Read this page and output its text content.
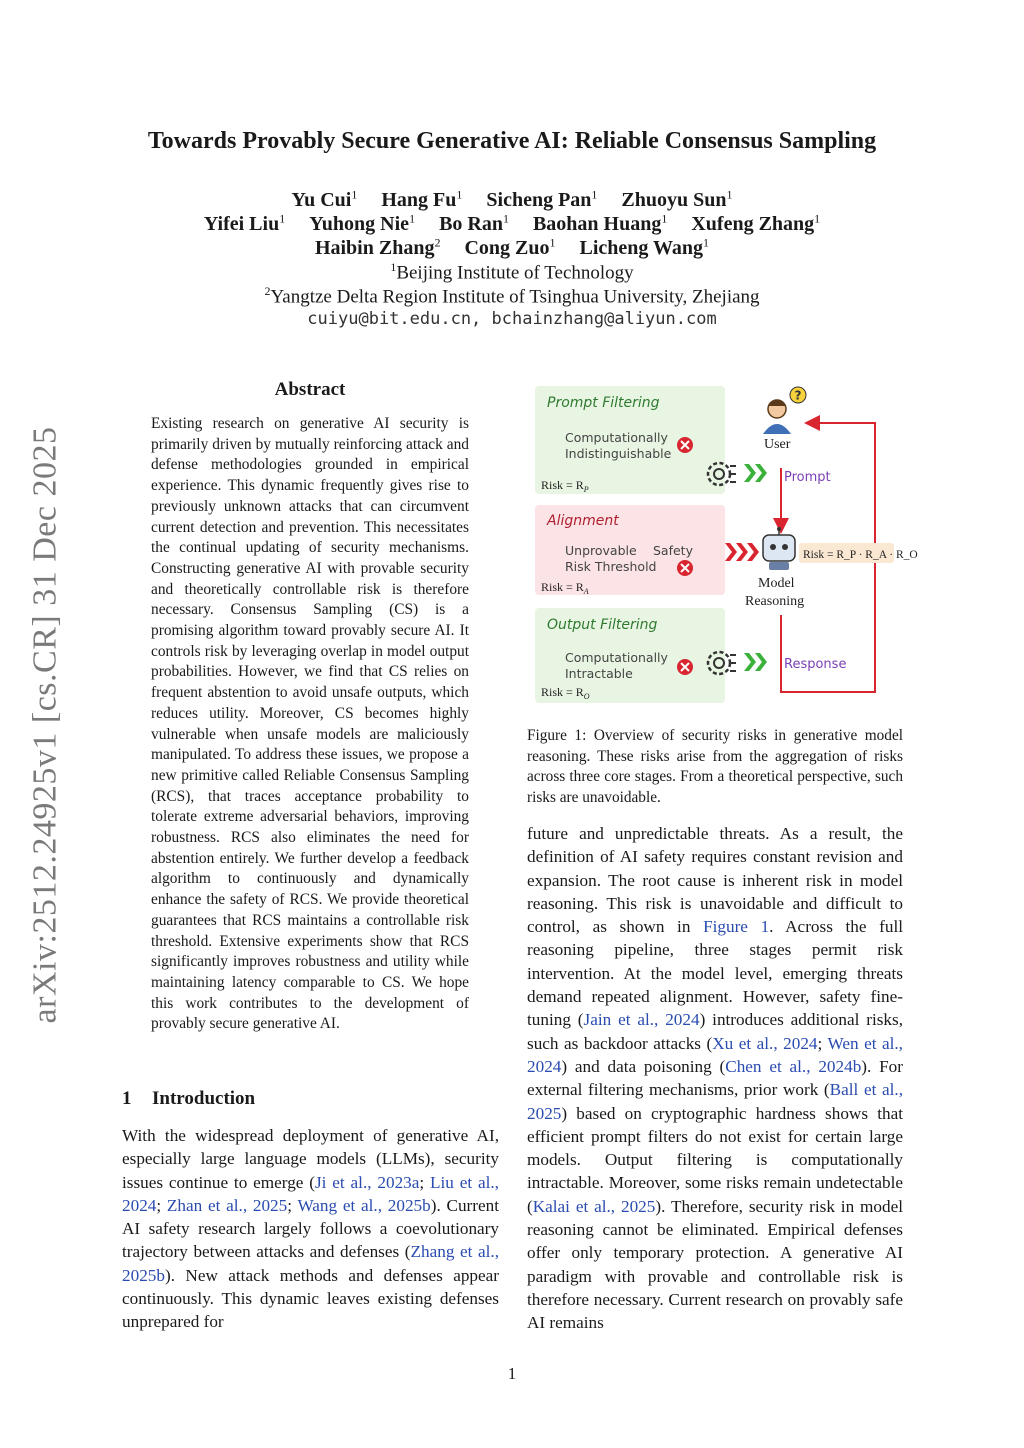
arXiv:2512.24925v1 [cs.CR] 31 Dec 2025
Towards Provably Secure Generative AI: Reliable Consensus Sampling
Yu Cui$^1$ Hang Fu$^1$ Sicheng Pan$^1$ Zhuoyu Sun$^1$
Yifei Liu$^1$ Yuhong Nie$^1$ Bo Ran$^1$ Baohan Huang$^1$ Xufeng Zhang$^1$
Haibin Zhang$^2$ Cong Zuo$^1$ Licheng Wang$^1$
$^1$Beijing Institute of Technology
$^2$Yangtze Delta Region Institute of Tsinghua University, Zhejiang
cuiyu@bit.edu.cn, bchainzhang@aliyun.com
Abstract
Existing research on generative AI security is primarily driven by mutually reinforcing attack and defense methodologies grounded in empirical experience. This dynamic frequently gives rise to previously unknown attacks that can circumvent current detection and prevention. This necessitates the continual updating of security mechanisms. Constructing generative AI with provable security and theoretically controllable risk is therefore necessary. Consensus Sampling (CS) is a promising algorithm toward provably secure AI. It controls risk by leveraging overlap in model output probabilities. However, we find that CS relies on frequent abstention to avoid unsafe outputs, which reduces utility. Moreover, CS becomes highly vulnerable when unsafe models are maliciously manipulated. To address these issues, we propose a new primitive called Reliable Consensus Sampling (RCS), that traces acceptance probability to tolerate extreme adversarial behaviors, improving robustness. RCS also eliminates the need for abstention entirely. We further develop a feedback algorithm to continuously and dynamically enhance the safety of RCS. We provide theoretical guarantees that RCS maintains a controllable risk threshold. Extensive experiments show that RCS significantly improves robustness and utility while maintaining latency comparable to CS. We hope this work contributes to the development of provably secure generative AI.
1 Introduction
With the widespread deployment of generative AI, especially large language models (LLMs), security issues continue to emerge (Ji et al., 2023a; Liu et al., 2024; Zhan et al., 2025; Wang et al., 2025b). Current AI safety research largely follows a coevolutionary trajectory between attacks and defenses (Zhang et al., 2025b). New attack methods and defenses appear continuously. This dynamic leaves existing defenses unprepared for
Prompt Filtering
Computationally
Indistinguishable
Risk = $R_P$
Alignment
Unprovable Safety
Risk Threshold
Risk = $R_A$
Output Filtering
Computationally
Intractable
Risk = $R_O$
?
User
Prompt
Risk = R_P · R_A · R_O
Model
Reasoning
Response
Figure 1: Overview of security risks in generative model reasoning. These risks arise from the aggregation of risks across three core stages. From a theoretical perspective, such risks are unavoidable.
future and unpredictable threats. As a result, the definition of AI safety requires constant revision and expansion. The root cause is inherent risk in model reasoning. This risk is unavoidable and difficult to control, as shown in Figure 1. Across the full reasoning pipeline, three stages permit risk intervention. At the model level, emerging threats demand repeated alignment. However, safety fine-tuning (Jain et al., 2024) introduces additional risks, such as backdoor attacks (Xu et al., 2024; Wen et al., 2024) and data poisoning (Chen et al., 2024b). For external filtering mechanisms, prior work (Ball et al., 2025) based on cryptographic hardness shows that efficient prompt filters do not exist for certain large models. Output filtering is computationally intractable. Moreover, some risks remain undetectable (Kalai et al., 2025). Therefore, security risk in model reasoning cannot be eliminated. Empirical defenses offer only temporary protection. A generative AI paradigm with provable and controllable risk is therefore necessary. Current research on provably safe AI remains
1
